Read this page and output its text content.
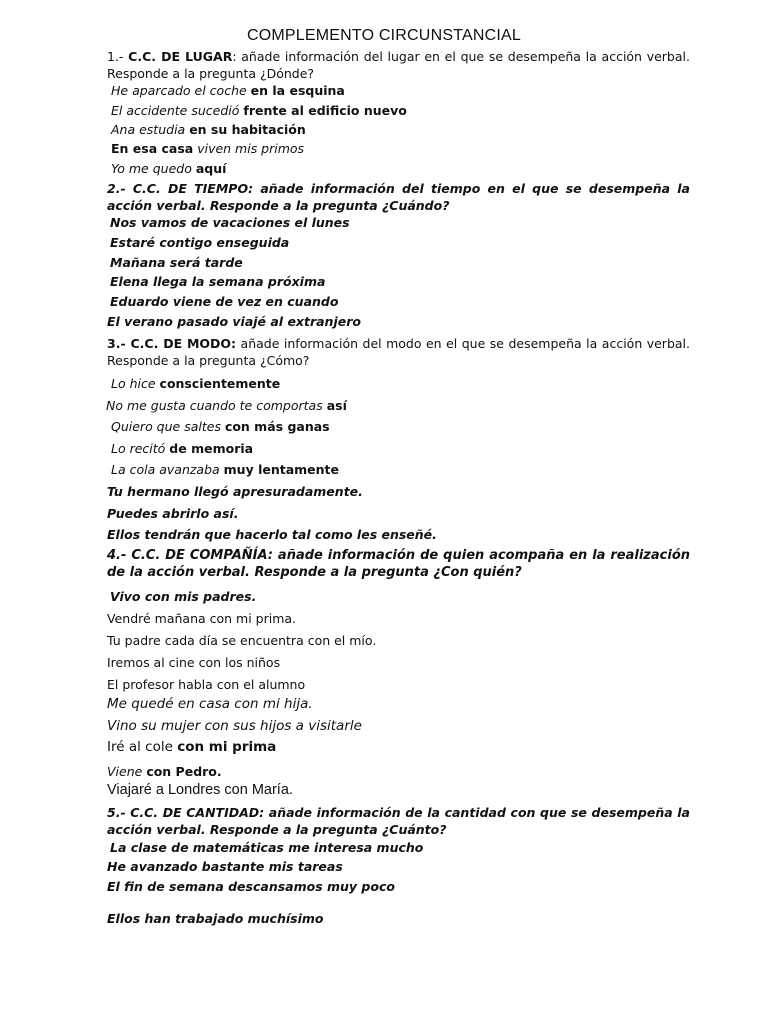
COMPLEMENTO CIRCUNSTANCIAL
1.- C.C. DE LUGAR: añade información del lugar en el que se desempeña la acción verbal. Responde a la pregunta ¿Dónde?
He aparcado el coche en la esquina
El accidente sucedió frente al edificio nuevo
Ana estudia en su habitación
En esa casa viven mis primos
Yo me quedo aquí
2.- C.C. DE TIEMPO: añade información del tiempo en el que se desempeña la acción verbal. Responde a la pregunta ¿Cuándo?
Nos vamos de vacaciones el lunes
Estaré contigo enseguida
Mañana será tarde
Elena llega la semana próxima
Eduardo viene de vez en cuando
El verano pasado viajé al extranjero
3.- C.C. DE MODO: añade información del modo en el que se desempeña la acción verbal. Responde a la pregunta ¿Cómo?
Lo hice conscientemente
No me gusta cuando te comportas así
Quiero que saltes con más ganas
Lo recitó de memoria
La cola avanzaba muy lentamente
Tu hermano llegó apresuradamente.
Puedes abrirlo así.
Ellos tendrán que hacerlo tal como les enseñé.
4.- C.C. DE COMPAÑÍA: añade información de quien acompaña en la realización de la acción verbal. Responde a la pregunta ¿Con quién?
Vivo con mis padres.
Vendré mañana con mi prima.
Tu padre cada día se encuentra con el mío.
Iremos al cine con los niños
El profesor habla con el alumno
Me quedé en casa con mi hija.
Vino su mujer con sus hijos a visitarle
Iré al cole con mi prima
Viene con Pedro.
Viajaré a Londres con María.
5.- C.C. DE CANTIDAD: añade información de la cantidad con que se desempeña la acción verbal. Responde a la pregunta ¿Cuánto?
La clase de matemáticas me interesa mucho
He avanzado bastante mis tareas
El fin de semana descansamos muy poco
Ellos han trabajado muchísimo
